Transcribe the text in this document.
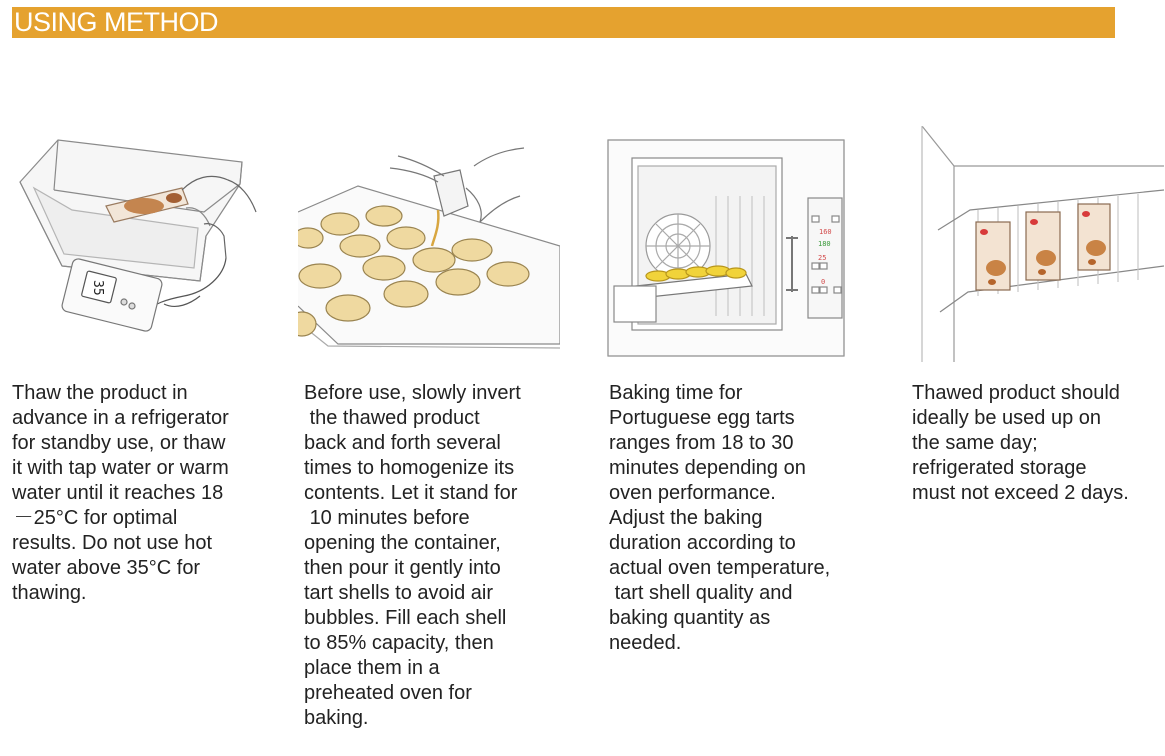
USING METHOD
35
160
180
25
0
Thaw the product in
advance in a refrigerator
for standby use, or thaw
it with tap water or warm
water until it reaches 18
 －25°C for optimal
results. Do not use hot
water above 35°C for
thawing.
Before use, slowly invert
the thawed product
back and forth several
times to homogenize its
contents. Let it stand for
10 minutes before
opening the container,
then pour it gently into
tart shells to avoid air
bubbles. Fill each shell
to 85% capacity, then
place them in a
preheated oven for
baking.
Baking time for
Portuguese egg tarts
ranges from 18 to 30
minutes depending on
oven performance.
Adjust the baking
duration according to
actual oven temperature,
tart shell quality and
baking quantity as
needed.
Thawed product should
ideally be used up on
the same day;
refrigerated storage
must not exceed 2 days.
